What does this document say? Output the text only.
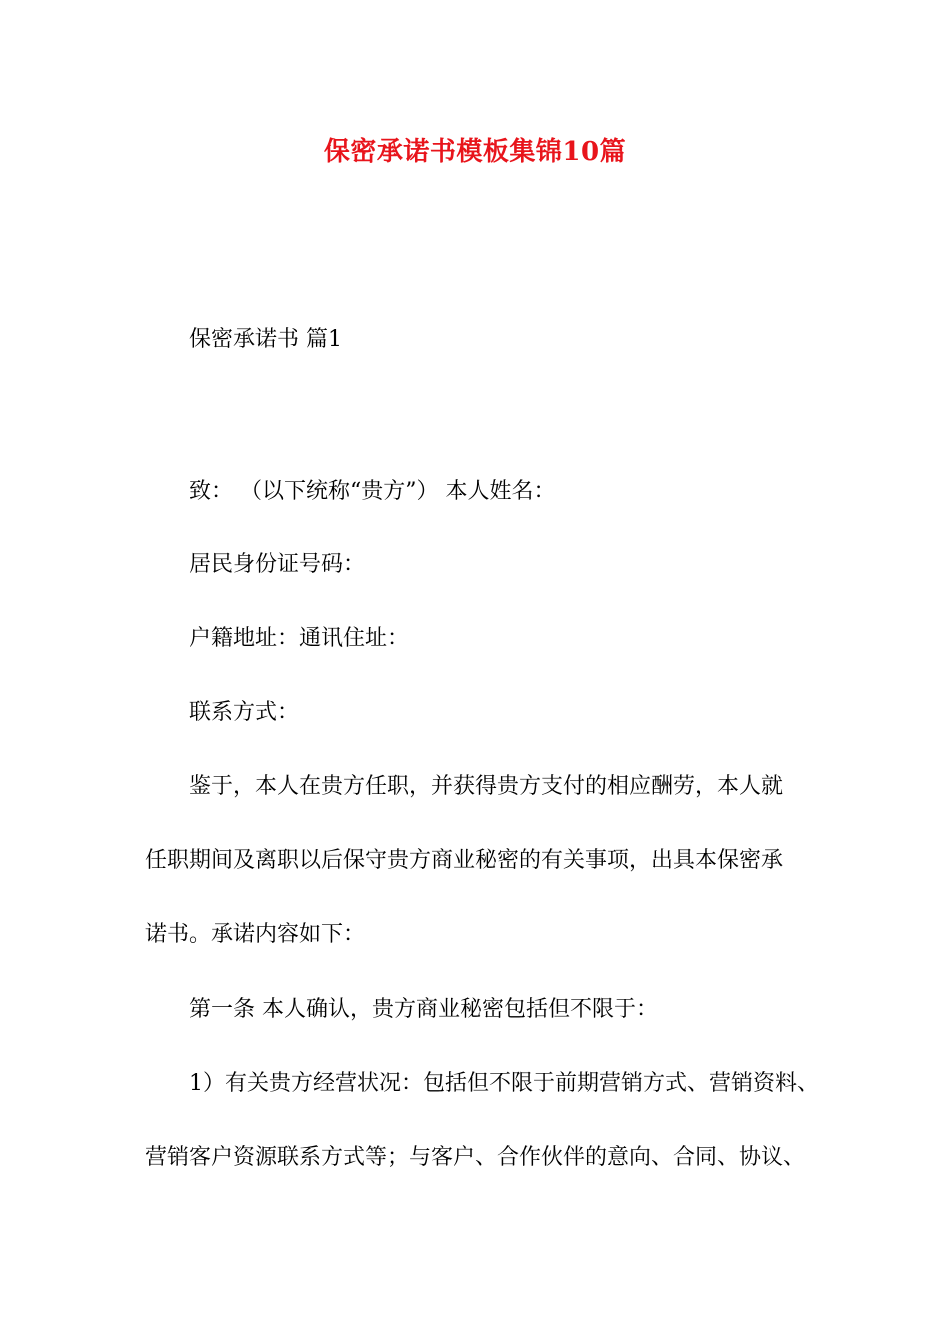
保密承诺书模板集锦10篇
保密承诺书 篇1
致： （以下统称“贵方”） 本人姓名：
居民身份证号码：
户籍地址：通讯住址：
联系方式：
鉴于，本人在贵方任职，并获得贵方支付的相应酬劳，本人就
任职期间及离职以后保守贵方商业秘密的有关事项，出具本保密承
诺书。承诺内容如下：
第一条 本人确认，贵方商业秘密包括但不限于：
1）有关贵方经营状况：包括但不限于前期营销方式、营销资料、
营销客户资源联系方式等；与客户、合作伙伴的意向、合同、协议、
